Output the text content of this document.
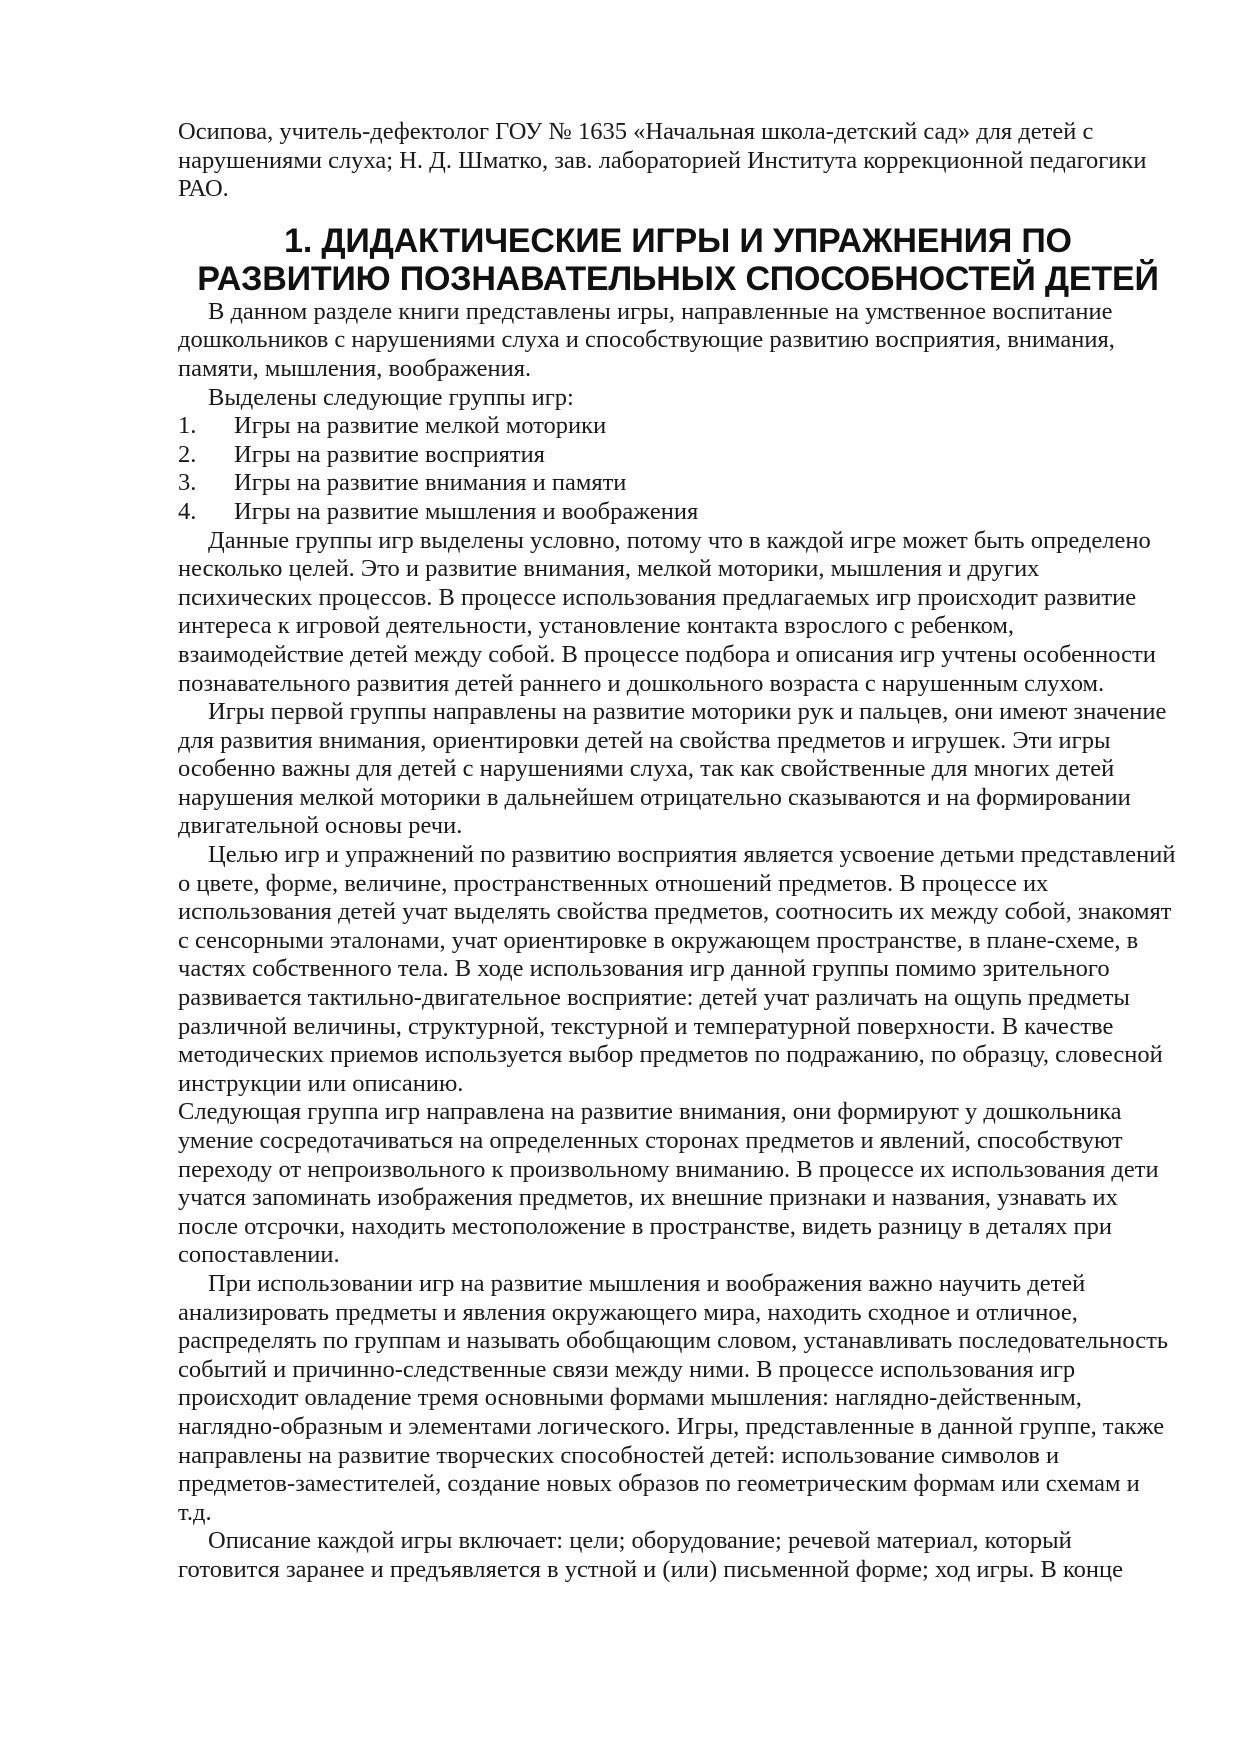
Осипова, учитель-дефектолог ГОУ № 1635 «Начальная школа-детский сад» для детей с нарушениями слуха; Н. Д. Шматко, зав. лабораторией Института коррекционной педагогики РАО.

1. ДИДАКТИЧЕСКИЕ ИГРЫ И УПРАЖНЕНИЯ ПО
РАЗВИТИЮ ПОЗНАВАТЕЛЬНЫХ СПОСОБНОСТЕЙ ДЕТЕЙ

В данном разделе книги представлены игры, направленные на умственное воспитание дошкольников с нарушениями слуха и способствующие развитию восприятия, внимания, памяти, мышления, воображения.

Выделены следующие группы игр:

1.	Игры на развитие мелкой моторики
2.	Игры на развитие восприятия
3.	Игры на развитие внимания и памяти
4.	Игры на развитие мышления и воображения

Данные группы игр выделены условно, потому что в каждой игре может быть определено несколько целей. Это и развитие внимания, мелкой моторики, мышления и других психических процессов. В процессе использования предлагаемых игр происходит развитие интереса к игровой деятельности, установление контакта взрослого с ребенком, взаимодействие детей между собой. В процессе подбора и описания игр учтены особенности познавательного развития детей раннего и дошкольного возраста с нарушенным слухом.

Игры первой группы направлены на развитие моторики рук и пальцев, они имеют значение для развития внимания, ориентировки детей на свойства предметов и игрушек. Эти игры особенно важны для детей с нарушениями слуха, так как свойственные для многих детей нарушения мелкой моторики в дальнейшем отрицательно сказываются и на формировании двигательной основы речи.

Целью игр и упражнений по развитию восприятия является усвоение детьми представлений о цвете, форме, величине, пространственных отношений предметов. В процессе их использования детей учат выделять свойства предметов, соотносить их между собой, знакомят с сенсорными эталонами, учат ориентировке в окружающем пространстве, в плане-схеме, в частях собственного тела. В ходе использования игр данной группы помимо зрительного развивается тактильно-двигательное восприятие: детей учат различать на ощупь предметы различной величины, структурной, текстурной и температурной поверхности. В качестве методических приемов используется выбор предметов по подражанию, по образцу, словесной инструкции или описанию.

Следующая группа игр направлена на развитие внимания, они формируют у дошкольника умение сосредотачиваться на определенных сторонах предметов и явлений, способствуют переходу от непроизвольного к произвольному вниманию. В процессе их использования дети учатся запоминать изображения предметов, их внешние признаки и названия, узнавать их после отсрочки, находить местоположение в пространстве, видеть разницу в деталях при сопоставлении.

При использовании игр на развитие мышления и воображения важно научить детей анализировать предметы и явления окружающего мира, находить сходное и отличное, распределять по группам и называть обобщающим словом, устанавливать последовательность событий и причинно-следственные связи между ними. В процессе использования игр происходит овладение тремя основными формами мышления: наглядно-действенным, наглядно-образным и элементами логического. Игры, представленные в данной группе, также направлены на развитие творческих способностей детей: использование символов и предметов-заместителей, создание новых образов по геометрическим формам или схемам и т.д.

Описание каждой игры включает: цели; оборудование; речевой материал, который готовится заранее и предъявляется в устной и (или) письменной форме; ход игры. В конце
